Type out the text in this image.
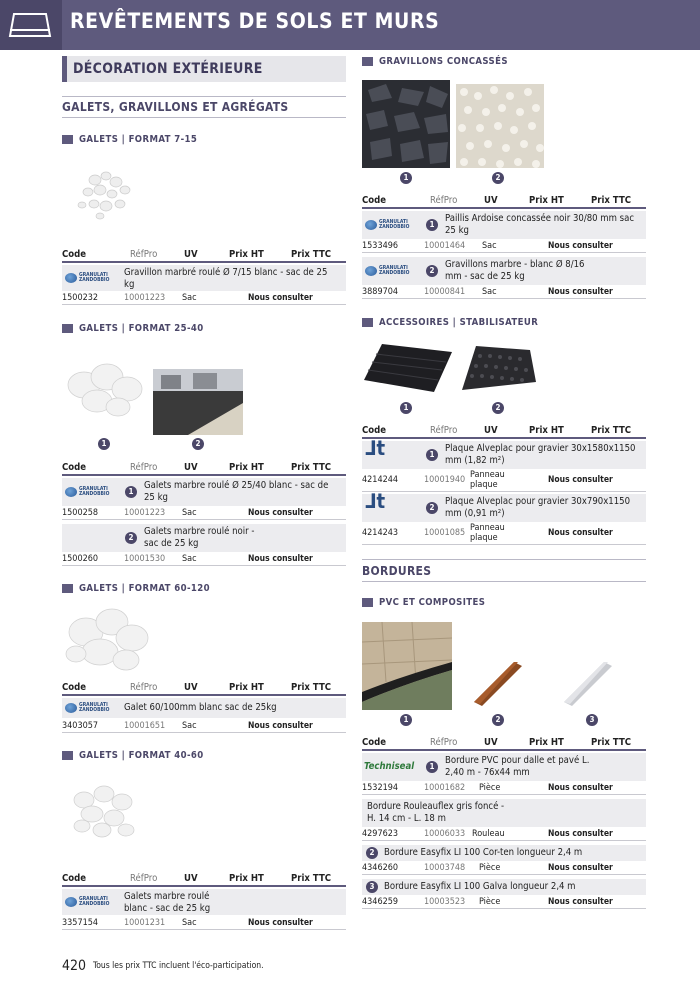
REVÊTEMENTS DE SOLS ET MURS
DÉCORATION EXTÉRIEURE
GALETS, GRAVILLONS ET AGRÉGATS
GALETS | FORMAT 7-15
Code	RéfPro	UV	Prix HT	Prix TTC
GRANULATI
ZANDOBBIO
Gravillon marbré roulé Ø 7/15 blanc - sac de 25 kg
1500232	10001223 Sac	Nous consulter
GALETS | FORMAT 25-40
1	2
Code	RéfPro	UV	Prix HT	Prix TTC
GRANULATI
ZANDOBBIO	1
Galets marbre roulé Ø 25/40 blanc - sac de 25 kg
1500258	10001223 Sac	Nous consulter
2
Galets marbre roulé noir - sac de 25 kg
1500260	10001530 Sac	Nous consulter
GALETS | FORMAT 60-120
Code	RéfPro	UV	Prix HT	Prix TTC
GRANULATI
ZANDOBBIO Galet 60/100mm blanc sac de 25kg
3403057	10001651 Sac	Nous consulter
GALETS | FORMAT 40-60
Code	RéfPro	UV	Prix HT	Prix TTC
GRANULATI
ZANDOBBIO
Galets marbre roulé blanc - sac de 25 kg
3357154	10001231 Sac	Nous consulter
GRAVILLONS CONCASSÉS
1	2
Code	RéfPro	UV	Prix HT	Prix TTC
GRANULATI
ZANDOBBIO	1
Paillis Ardoise concassée noir 30/80 mm sac 25 kg
1533496	10001464 Sac	Nous consulter
GRANULATI
ZANDOBBIO	2
Gravillons marbre - blanc Ø 8/16 mm - sac de 25 kg
3889704	10000841 Sac	Nous consulter
ACCESSOIRES | STABILISATEUR
1	2
Code	RéfPro	UV	Prix HT	Prix TTC
⅃t	1
Plaque Alveplac pour gravier 30x1580x1150 mm (1,82 m²)
4214244	10001940 Panneau plaque	Nous consulter
⅃t	2
Plaque Alveplac pour gravier 30x790x1150 mm (0,91 m²)
4214243	10001085 Panneau plaque	Nous consulter
BORDURES
PVC ET COMPOSITES
1	2	3
Code	RéfPro	UV	Prix HT	Prix TTC
Techniseal	1
Bordure PVC pour dalle et pavé L. 2,40 m - 76x44 mm
1532194	10001682 Pièce	Nous consulter
Bordure Rouleauflex gris foncé - H. 14 cm - L. 18 m
4297623	10006033 Rouleau	Nous consulter
2	Bordure Easyfix LI 100 Cor-ten longueur 2,4 m
4346260	10003748 Pièce	Nous consulter
3	Bordure Easyfix LI 100 Galva longueur 2,4 m
4346259	10003523 Pièce	Nous consulter
420 Tous les prix TTC incluent l'éco-participation.
